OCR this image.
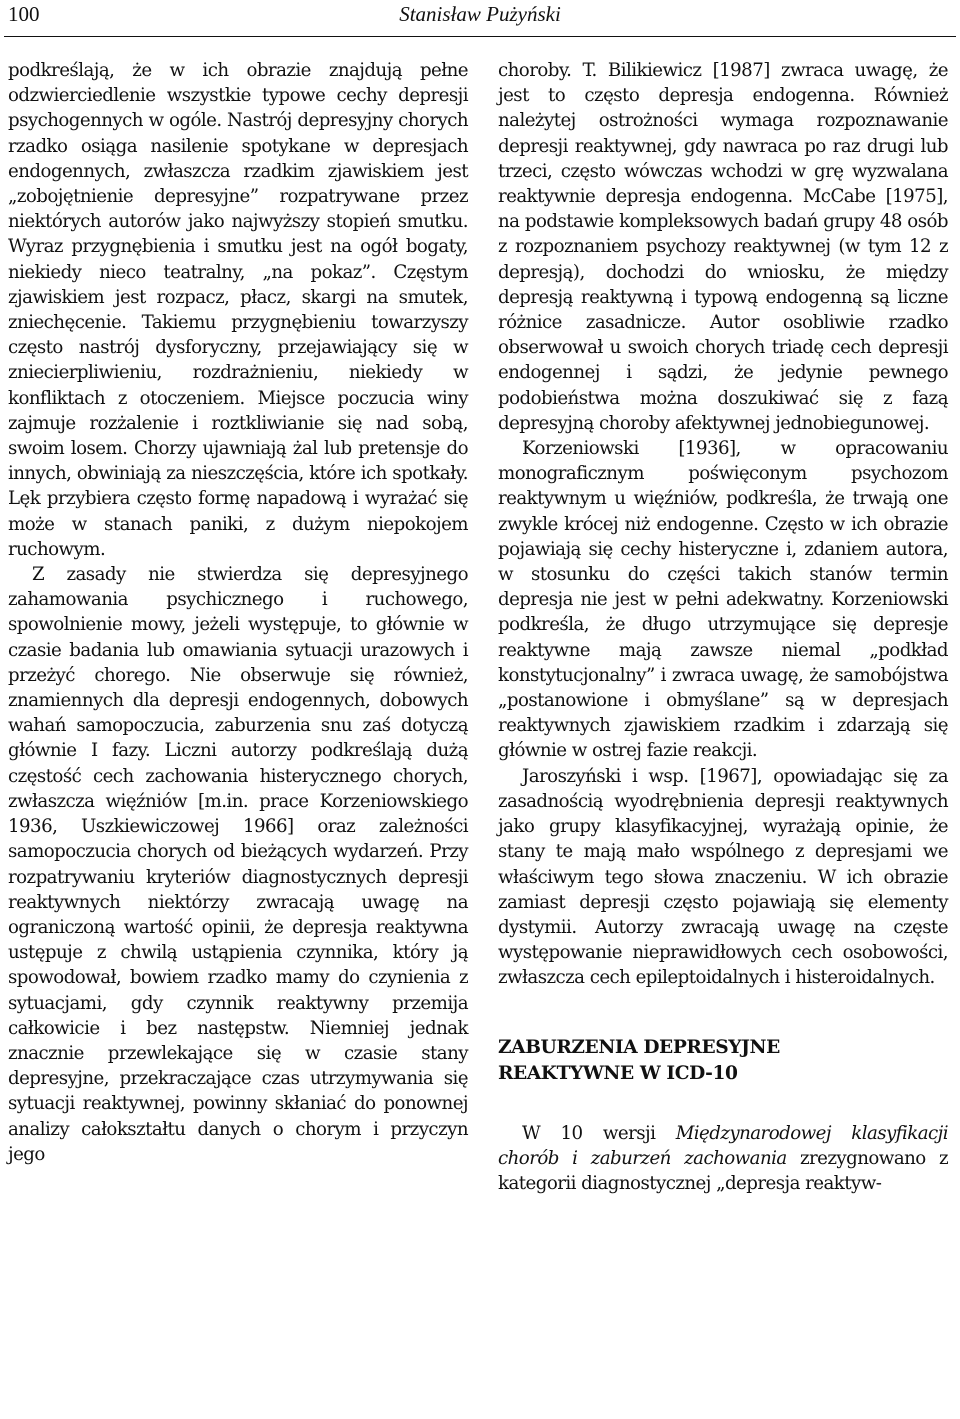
100	Stanisław Pużyński

podkreślają, że w ich obrazie znajdują pełne odzwierciedlenie wszystkie typowe cechy depresji psychogennych w ogóle. Nastrój depresyjny chorych rzadko osiąga nasilenie spotykane w depresjach endogennych, zwłaszcza rzadkim zjawiskiem jest „zobojętnienie depresyjne” rozpatrywane przez niektórych autorów jako najwyższy stopień smutku. Wyraz przygnębienia i smutku jest na ogół bogaty, niekiedy nieco teatralny, „na pokaz”. Częstym zjawiskiem jest rozpacz, płacz, skargi na smutek, zniechęcenie. Takiemu przygnębieniu towarzyszy często nastrój dysforyczny, przejawiający się w zniecierpliwieniu, rozdrażnieniu, niekiedy w konfliktach z otoczeniem. Miejsce poczucia winy zajmuje rozżalenie i roztkliwianie się nad sobą, swoim losem. Chorzy ujawniają żal lub pretensje do innych, obwiniają za nieszczęścia, które ich spotkały. Lęk przybiera często formę napadową i wyrażać się może w stanach paniki, z dużym niepokojem ruchowym.

Z zasady nie stwierdza się depresyjnego zahamowania psychicznego i ruchowego, spowolnienie mowy, jeżeli występuje, to głównie w czasie badania lub omawiania sytuacji urazowych i przeżyć chorego. Nie obserwuje się również, znamiennych dla depresji endogennych, dobowych wahań samopoczucia, zaburzenia snu zaś dotyczą głównie I fazy. Liczni autorzy podkreślają dużą częstość cech zachowania histerycznego chorych, zwłaszcza więźniów [m.in. prace Korzeniowskiego 1936, Uszkiewiczowej 1966] oraz zależności samopoczucia chorych od bieżących wydarzeń. Przy rozpatrywaniu kryteriów diagnostycznych depresji reaktywnych niektórzy zwracają uwagę na ograniczoną wartość opinii, że depresja reaktywna ustępuje z chwilą ustąpienia czynnika, który ją spowodował, bowiem rzadko mamy do czynienia z sytuacjami, gdy czynnik reaktywny przemija całkowicie i bez następstw. Niemniej jednak znacznie przewlekające się w czasie stany depresyjne, przekraczające czas utrzymywania się sytuacji reaktywnej, powinny skłaniać do ponownej analizy całokształtu danych o chorym i przyczyn jego

choroby. T. Bilikiewicz [1987] zwraca uwagę, że jest to często depresja endogenna. Również należytej ostrożności wymaga rozpoznawanie depresji reaktywnej, gdy nawraca po raz drugi lub trzeci, często wówczas wchodzi w grę wyzwalana reaktywnie depresja endogenna. McCabe [1975], na podstawie kompleksowych badań grupy 48 osób z rozpoznaniem psychozy reaktywnej (w tym 12 z depresją), dochodzi do wniosku, że między depresją reaktywną i typową endogenną są liczne różnice zasadnicze. Autor osobliwie rzadko obserwował u swoich chorych triadę cech depresji endogennej i sądzi, że jedynie pewnego podobieństwa można doszukiwać się z fazą depresyjną choroby afektywnej jednobiegunowej.

Korzeniowski [1936], w opracowaniu monograficznym poświęconym psychozom reaktywnym u więźniów, podkreśla, że trwają one zwykle krócej niż endogenne. Często w ich obrazie pojawiają się cechy histeryczne i, zdaniem autora, w stosunku do części takich stanów termin depresja nie jest w pełni adekwatny. Korzeniowski podkreśla, że długo utrzymujące się depresje reaktywne mają zawsze niemal „podkład konstytucjonalny” i zwraca uwagę, że samobójstwa „postanowione i obmyślane” są w depresjach reaktywnych zjawiskiem rzadkim i zdarzają się głównie w ostrej fazie reakcji.

Jaroszyński i wsp. [1967], opowiadając się za zasadnością wyodrębnienia depresji reaktywnych jako grupy klasyfikacyjnej, wyrażają opinie, że stany te mają mało wspólnego z depresjami we właściwym tego słowa znaczeniu. W ich obrazie zamiast depresji często pojawiają się elementy dystymii. Autorzy zwracają uwagę na częste występowanie nieprawidłowych cech osobowości, zwłaszcza cech epileptoidalnych i histeroidalnych.

ZABURZENIA DEPRESYJNE
REAKTYWNE W ICD-10

W 10 wersji Międzynarodowej klasyfikacji chorób i zaburzeń zachowania zrezygnowano z kategorii diagnostycznej „depresja reaktyw-
